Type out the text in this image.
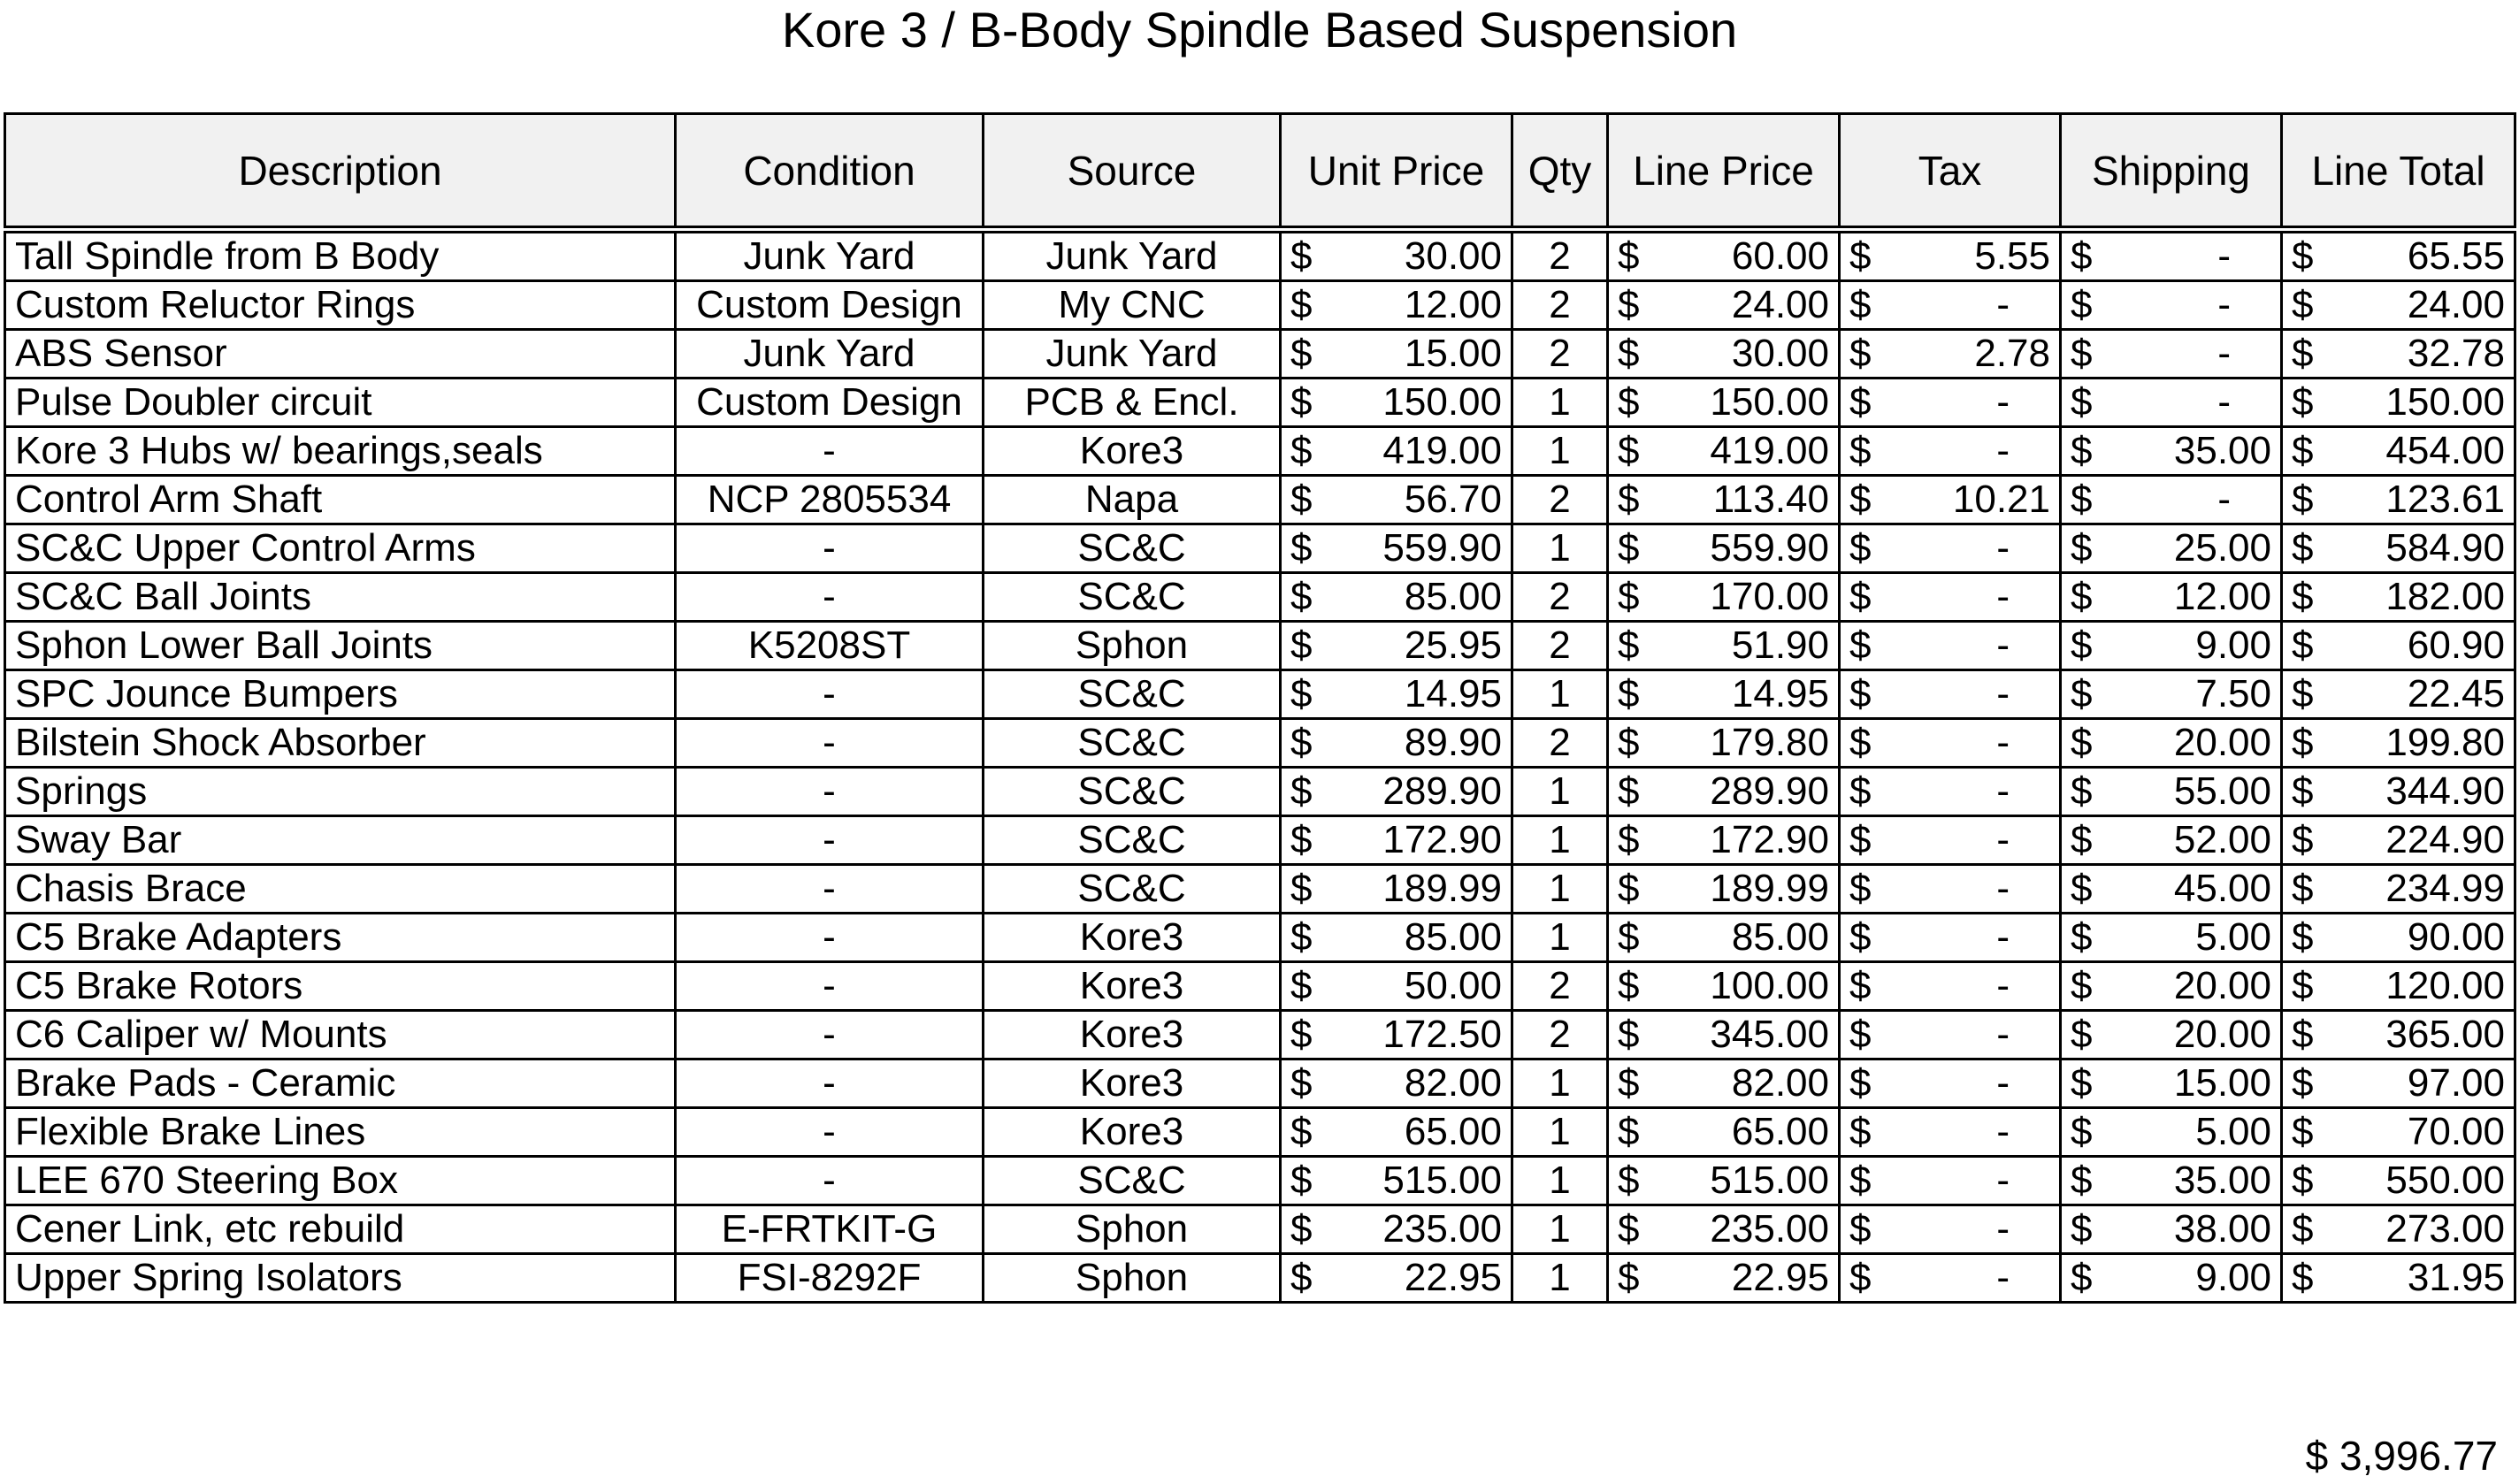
Kore 3 / B-Body Spindle Based Suspension
Description	Condition	Source	Unit Price	Qty	Line Price	Tax	Shipping	Line Total
Tall Spindle from B Body	Junk Yard	Junk Yard	$ 30.00	2	$ 60.00	$ 5.55	$ -	$ 65.55

Custom Reluctor Rings	Custom Design	My CNC	$ 12.00	2	$ 24.00	$ -	$ -	$ 24.00

ABS Sensor	Junk Yard	Junk Yard	$ 15.00	2	$ 30.00	$ 2.78	$ -	$ 32.78

Pulse Doubler circuit	Custom Design	PCB & Encl.	$ 150.00	1	$ 150.00	$ -	$ -	$ 150.00

Kore 3 Hubs w/ bearings,seals	-	Kore3	$ 419.00	1	$ 419.00	$ -	$ 35.00	$ 454.00

Control Arm Shaft	NCP 2805534	Napa	$ 56.70	2	$ 113.40	$ 10.21	$ -	$ 123.61

SC&C Upper Control Arms	-	SC&C	$ 559.90	1	$ 559.90	$ -	$ 25.00	$ 584.90

SC&C Ball Joints	-	SC&C	$ 85.00	2	$ 170.00	$ -	$ 12.00	$ 182.00

Sphon Lower Ball Joints	K5208ST	Sphon	$ 25.95	2	$ 51.90	$ -	$ 9.00	$ 60.90

SPC Jounce Bumpers	-	SC&C	$ 14.95	1	$ 14.95	$ -	$ 7.50	$ 22.45

Bilstein Shock Absorber	-	SC&C	$ 89.90	2	$ 179.80	$ -	$ 20.00	$ 199.80

Springs	-	SC&C	$ 289.90	1	$ 289.90	$ -	$ 55.00	$ 344.90

Sway Bar	-	SC&C	$ 172.90	1	$ 172.90	$ -	$ 52.00	$ 224.90

Chasis Brace	-	SC&C	$ 189.99	1	$ 189.99	$ -	$ 45.00	$ 234.99

C5 Brake Adapters	-	Kore3	$ 85.00	1	$ 85.00	$ -	$ 5.00	$ 90.00

C5 Brake Rotors	-	Kore3	$ 50.00	2	$ 100.00	$ -	$ 20.00	$ 120.00

C6 Caliper w/ Mounts	-	Kore3	$ 172.50	2	$ 345.00	$ -	$ 20.00	$ 365.00

Brake Pads - Ceramic	-	Kore3	$ 82.00	1	$ 82.00	$ -	$ 15.00	$ 97.00

Flexible Brake Lines	-	Kore3	$ 65.00	1	$ 65.00	$ -	$ 5.00	$ 70.00

LEE 670 Steering Box	-	SC&C	$ 515.00	1	$ 515.00	$ -	$ 35.00	$ 550.00

Cener Link, etc rebuild	E-FRTKIT-G	Sphon	$ 235.00	1	$ 235.00	$ -	$ 38.00	$ 273.00

Upper Spring Isolators	FSI-8292F	Sphon	$ 22.95	1	$ 22.95	$ -	$ 9.00	$ 31.95
$ 3,996.77
